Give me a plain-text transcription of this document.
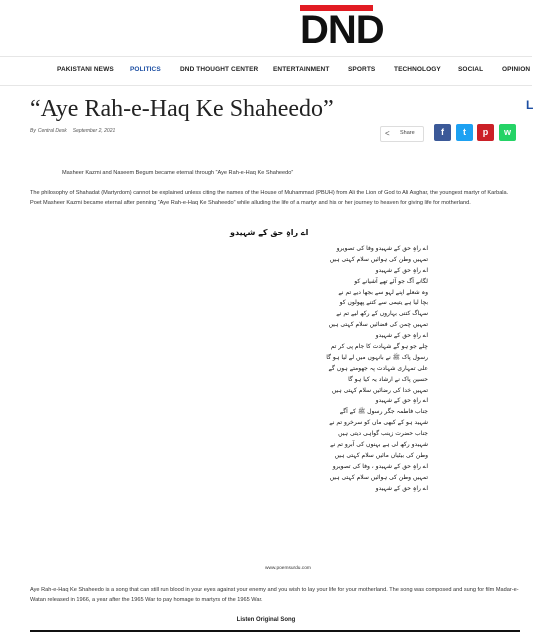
DND
PAKISTANI NEWS POLITICS	DND THOUGHT CENTER ENTERTAINMENT	SPORTS	TECHNOLOGY	SOCIAL	OPINION
L
“Aye Rah-e-Haq Ke Shaheedo”
By Central Desk September 2, 2021	< Share	f	t	p	w
Masheer Kazmi and Naseem Begum became eternal through “Aye Rah-e-Haq Ke Shaheedo”
The philosophy of Shahadat (Martyrdom) cannot be explained unless citing the names of the House of Muhammad (PBUH) from Ali the Lion of God to Ali Asghar, the youngest martyr of Karbala. Poet Masheer Kazmi became eternal after penning “Aye Rah-e-Haq Ke Shaheedo” while alluding the life of a martyr and his or her journey to heaven for giving life for motherland.
اے راہِ حق کے شہیدو
اے راہِ حق کے شہیدو وفا کی تصویرو
تمہیں وطن کی ہوائیں سلام کہتی ہیں
اے راہِ حق کے شہیدو
لگانے آگ جو آئے تھے آشیانے کو
وہ شعلے اپنے لہو سے بجھا دیے تم نے
بچا لیا ہے یتیمی سے کتنے پھولوں کو
سہاگ کتنی بہاروں کے رکھ لیے تم نے
تمہیں چمن کی فضائیں سلام کہتی ہیں
اے راہِ حق کے شہیدو
چلے جو ہو گے شہادت کا جام پی کر تم
رسول پاک ﷺ نے بانہوں میں لے لیا ہو گا
علی تمہاری شہادت پہ جھومتے ہوں گے
حسین پاک نے ارشاد یہ کیا ہو گا
تمہیں خدا کی رضائیں سلام کہتی ہیں
اے راہِ حق کے شہیدو
جناب فاطمہ جگر رسول ﷺ کے آگے
شہید ہو کے کبھی ماں کو سرخرو تم نے
جناب حضرت زینب گواہی دیتی ہیں
شہیدو رکھ لی ہے بہنوں کی آبرو تم نے
وطن کی بیٹیاں مائیں سلام کہتی ہیں
اے راہِ حق کے شہیدو ، وفا کی تصویرو
تمہیں وطن کی ہوائیں سلام کہتی ہیں
اے راہِ حق کے شہیدو
www.poemsurdu.com
Aye Rah-e-Haq Ke Shaheedo is a song that can still run blood in your eyes against your enemy and you wish to lay your life for your motherland. The song was composed and sung for film Madar-e-Watan released in 1966, a year after the 1965 War to pay homage to martyrs of the 1965 War.
Listen Original Song
